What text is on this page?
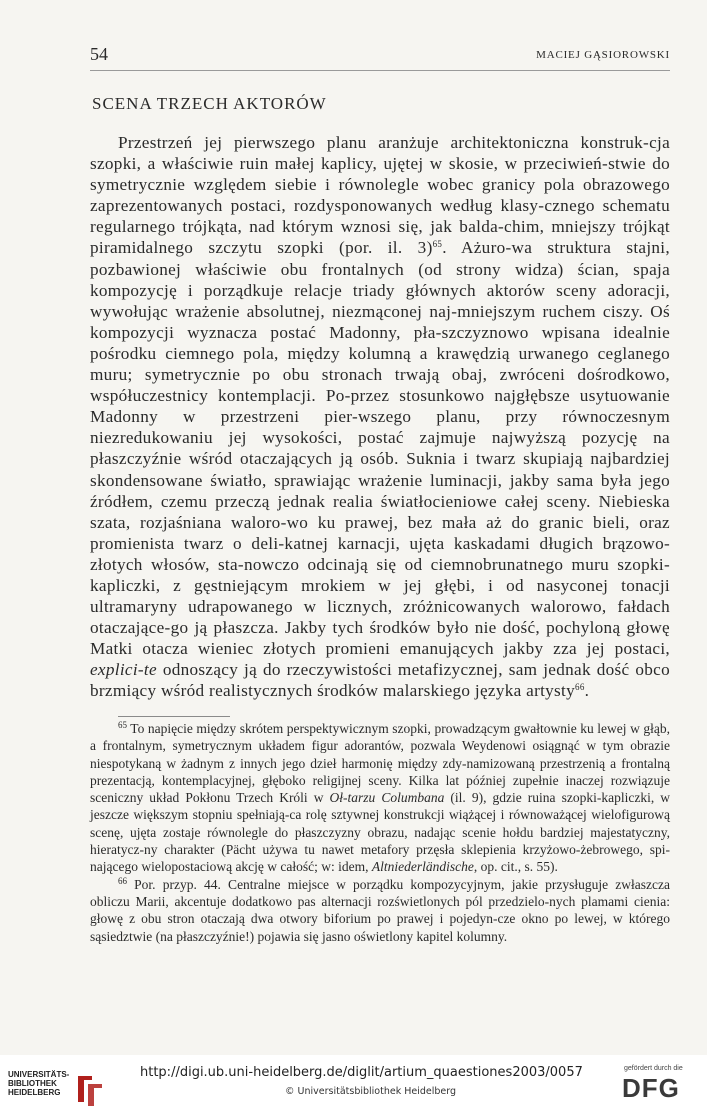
54	MACIEJ GĄSIOROWSKI
SCENA TRZECH AKTORÓW

Przestrzeń jej pierwszego planu aranżuje architektoniczna konstruk-cja szopki, a właściwie ruin małej kaplicy, ujętej w skosie, w przeciwień-stwie do symetrycznie względem siebie i równolegle wobec granicy pola obrazowego zaprezentowanych postaci, rozdysponowanych według klasy-cznego schematu regularnego trójkąta, nad którym wznosi się, jak balda-chim, mniejszy trójkąt piramidalnego szczytu szopki (por. il. 3)$^{65}$. Ażuro-wa struktura stajni, pozbawionej właściwie obu frontalnych (od strony widza) ścian, spaja kompozycję i porządkuje relacje triady głównych aktorów sceny adoracji, wywołując wrażenie absolutnej, niezmąconej naj-mniejszym ruchem ciszy. Oś kompozycji wyznacza postać Madonny, pła-szczyznowo wpisana idealnie pośrodku ciemnego pola, między kolumną a krawędzią urwanego ceglanego muru; symetrycznie po obu stronach trwają obaj, zwróceni dośrodkowo, współuczestnicy kontemplacji. Po-przez stosunkowo najgłębsze usytuowanie Madonny w przestrzeni pier-wszego planu, przy równoczesnym niezredukowaniu jej wysokości, postać zajmuje najwyższą pozycję na płaszczyźnie wśród otaczających ją osób. Suknia i twarz skupiają najbardziej skondensowane światło, sprawiając wrażenie luminacji, jakby sama była jego źródłem, czemu przeczą jednak realia światłocieniowe całej sceny. Niebieska szata, rozjaśniana waloro-wo ku prawej, bez mała aż do granic bieli, oraz promienista twarz o deli-katnej karnacji, ujęta kaskadami długich brązowo-złotych włosów, sta-nowczo odcinają się od ciemnobrunatnego muru szopki-kapliczki, z gęstniejącym mrokiem w jej głębi, i od nasyconej tonacji ultramaryny udrapowanego w licznych, zróżnicowanych walorowo, fałdach otaczające-go ją płaszcza. Jakby tych środków było nie dość, pochyloną głowę Matki otacza wieniec złotych promieni emanujących jakby zza jej postaci, explici-te odnoszący ją do rzeczywistości metafizycznej, sam jednak dość obco brzmiący wśród realistycznych środków malarskiego języka artysty$^{66}$.

$^{65}$ To napięcie między skrótem perspektywicznym szopki, prowadzącym gwałtownie ku lewej w głąb, a frontalnym, symetrycznym układem figur adorantów, pozwala Weydenowi osiągnąć w tym obrazie niespotykaną w żadnym z innych jego dzieł harmonię między zdy-namizowaną przestrzenią a frontalną prezentacją, kontemplacyjnej, głęboko religijnej sceny. Kilka lat później zupełnie inaczej rozwiązuje sceniczny układ Pokłonu Trzech Króli w Oł-tarzu Columbana (il. 9), gdzie ruina szopki-kapliczki, w jeszcze większym stopniu spełniają-ca rolę sztywnej konstrukcji wiążącej i równoważącej wielofigurową scenę, ujęta zostaje równolegle do płaszczyzny obrazu, nadając scenie hołdu bardziej majestatyczny, hieratycz-ny charakter (Pächt używa tu nawet metafory przęsła sklepienia krzyżowo-żebrowego, spi-nającego wielopostaciową akcję w całość; w: idem, Altniederländische, op. cit., s. 55).

$^{66}$ Por. przyp. 44. Centralne miejsce w porządku kompozycyjnym, jakie przysługuje zwłaszcza obliczu Marii, akcentuje dodatkowo pas alternacji rozświetlonych pól przedzielo-nych plamami cienia: głowę z obu stron otaczają dwa otwory biforium po prawej i pojedyn-cze okno po lewej, w którego sąsiedztwie (na płaszczyźnie!) pojawia się jasno oświetlony kapitel kolumny.

UNIVERSITÄTS-
BIBLIOTHEK
HEIDELBERG
http://digi.ub.uni-heidelberg.de/diglit/artium_quaestiones2003/0057
© Universitätsbibliothek Heidelberg
gefördert durch die
DFG
